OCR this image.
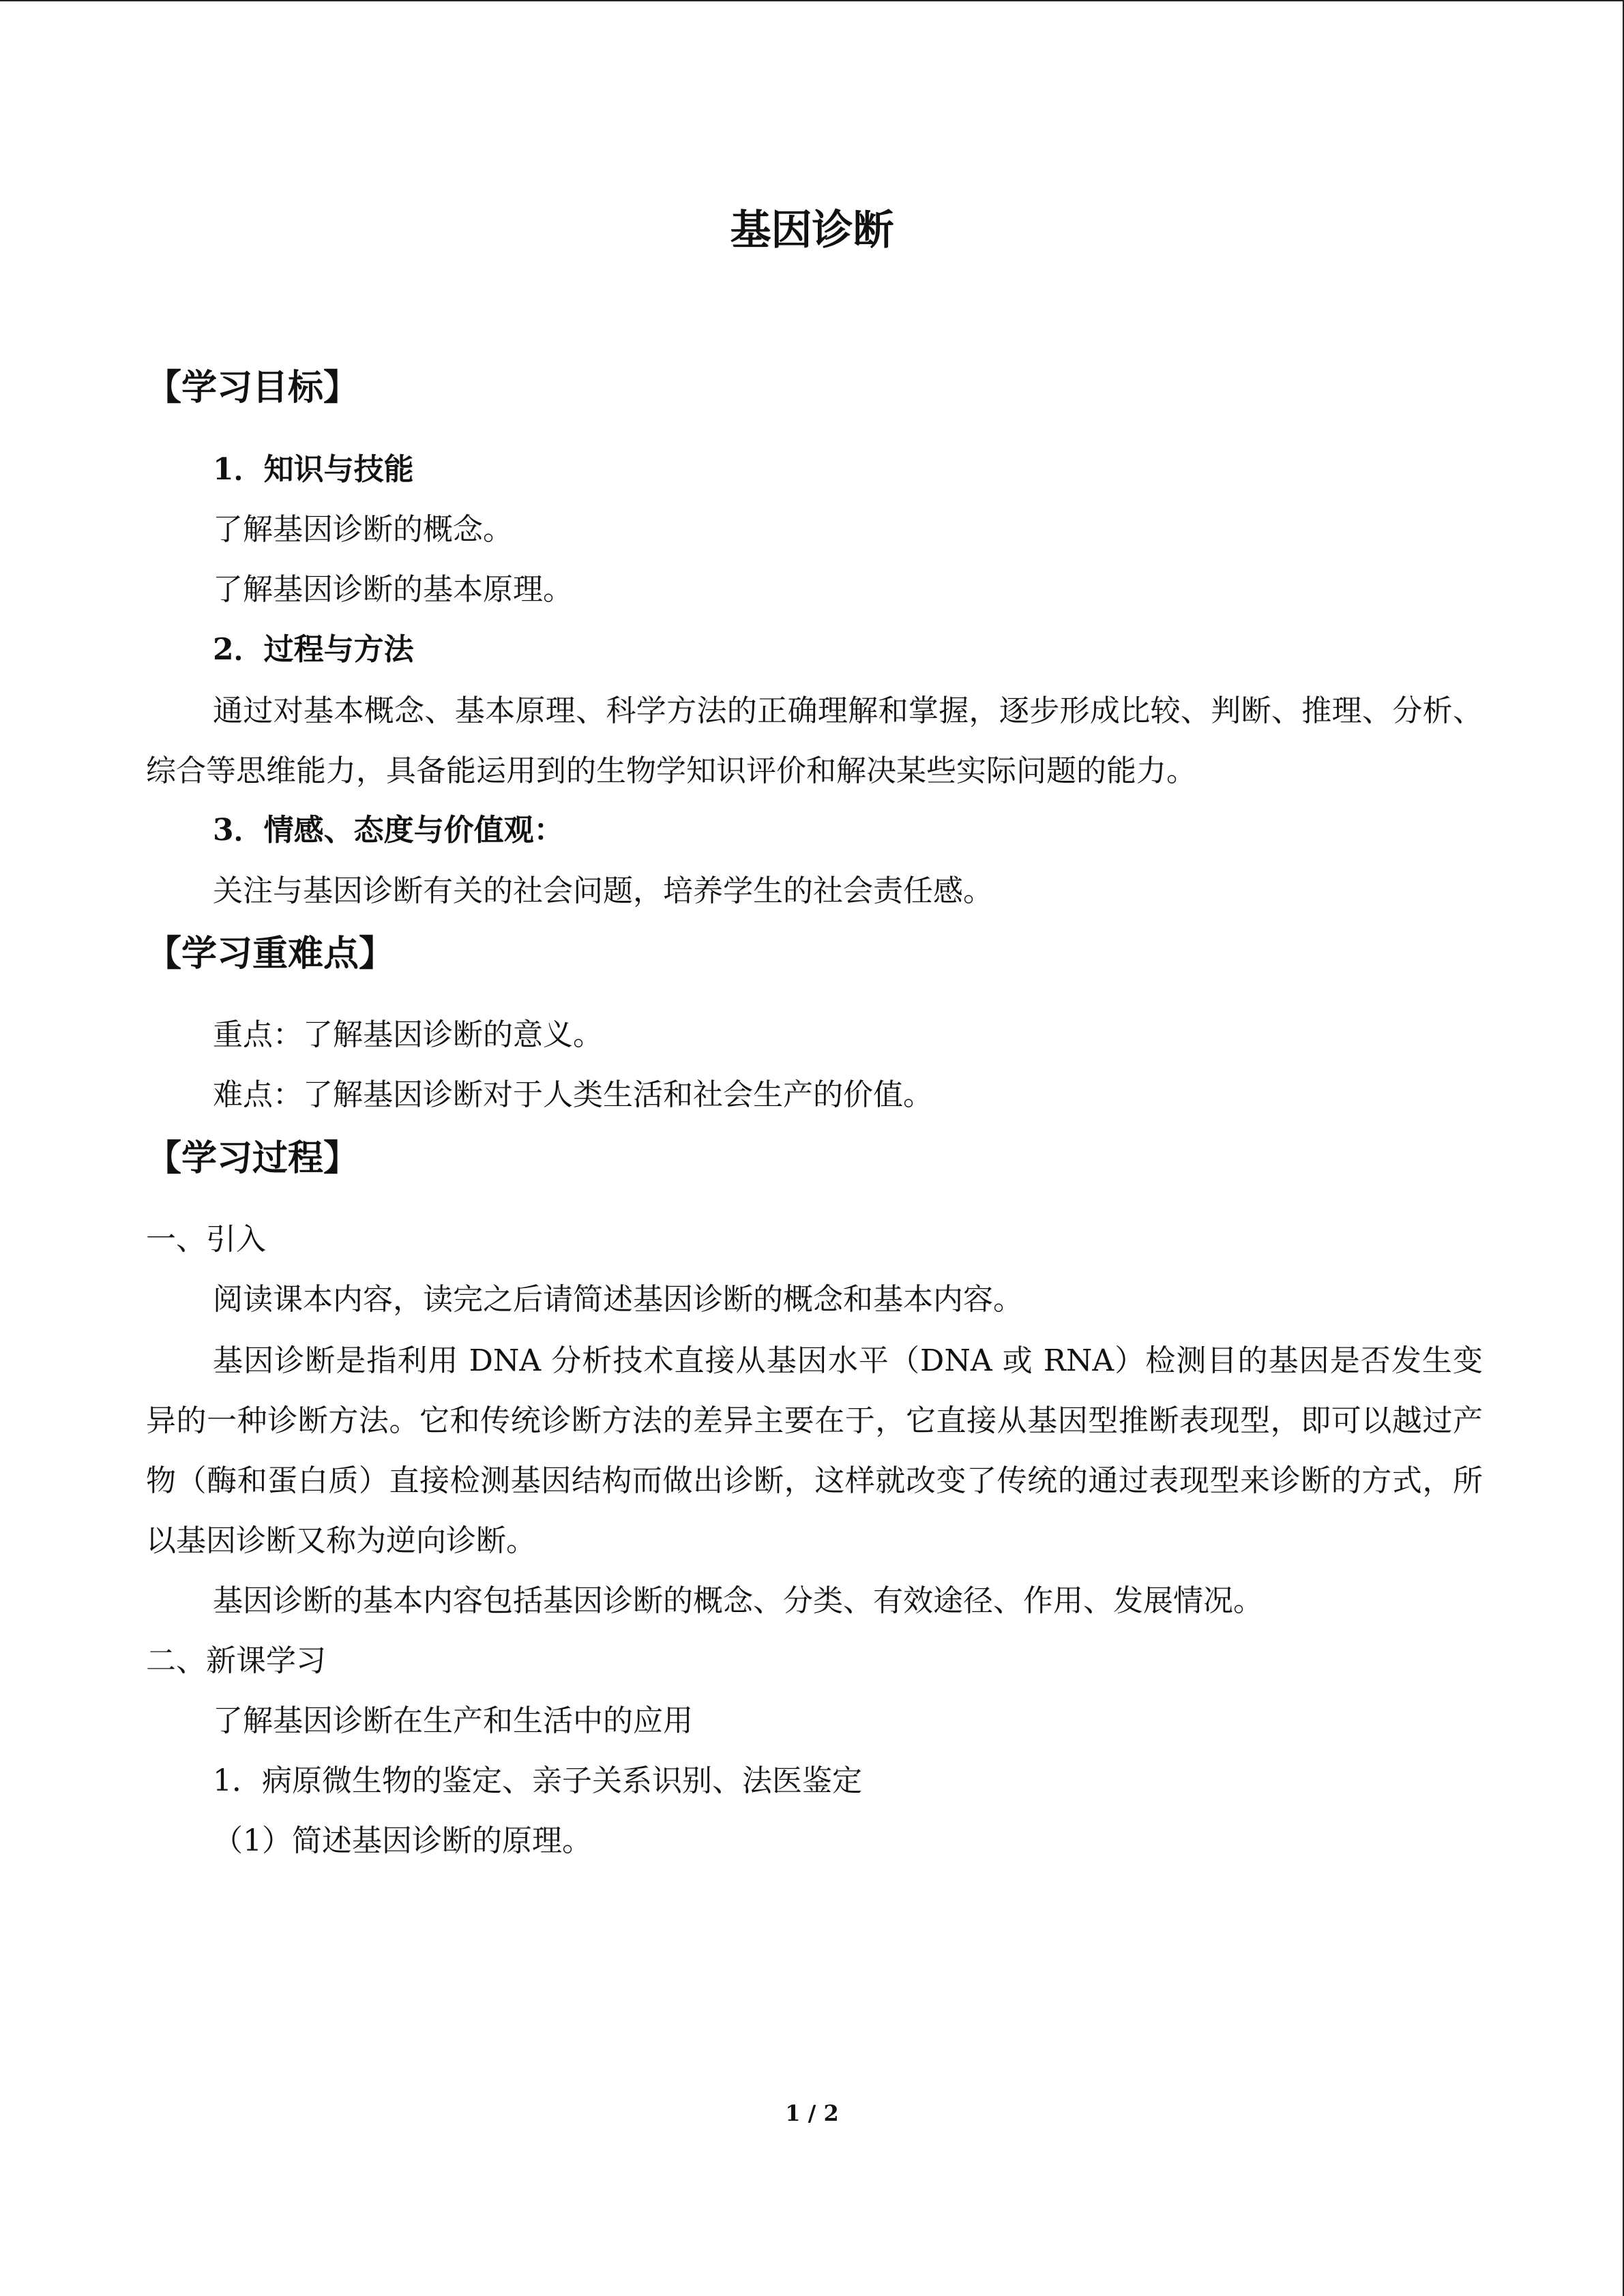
基因诊断
【学习目标】
1．知识与技能
了解基因诊断的概念。
了解基因诊断的基本原理。
2．过程与方法
通过对基本概念、基本原理、科学方法的正确理解和掌握，逐步形成比较、判断、推理、分析、综合等思维能力，具备能运用到的生物学知识评价和解决某些实际问题的能力。
3．情感、态度与价值观：
关注与基因诊断有关的社会问题，培养学生的社会责任感。
【学习重难点】
重点：了解基因诊断的意义。
难点：了解基因诊断对于人类生活和社会生产的价值。
【学习过程】
一、引入
阅读课本内容，读完之后请简述基因诊断的概念和基本内容。
基因诊断是指利用 DNA 分析技术直接从基因水平（DNA 或 RNA）检测目的基因是否发生变异的一种诊断方法。它和传统诊断方法的差异主要在于，它直接从基因型推断表现型，即可以越过产物（酶和蛋白质）直接检测基因结构而做出诊断，这样就改变了传统的通过表现型来诊断的方式，所以基因诊断又称为逆向诊断。
基因诊断的基本内容包括基因诊断的概念、分类、有效途径、作用、发展情况。
二、新课学习
了解基因诊断在生产和生活中的应用
1．病原微生物的鉴定、亲子关系识别、法医鉴定
（1）简述基因诊断的原理。
1 / 2
